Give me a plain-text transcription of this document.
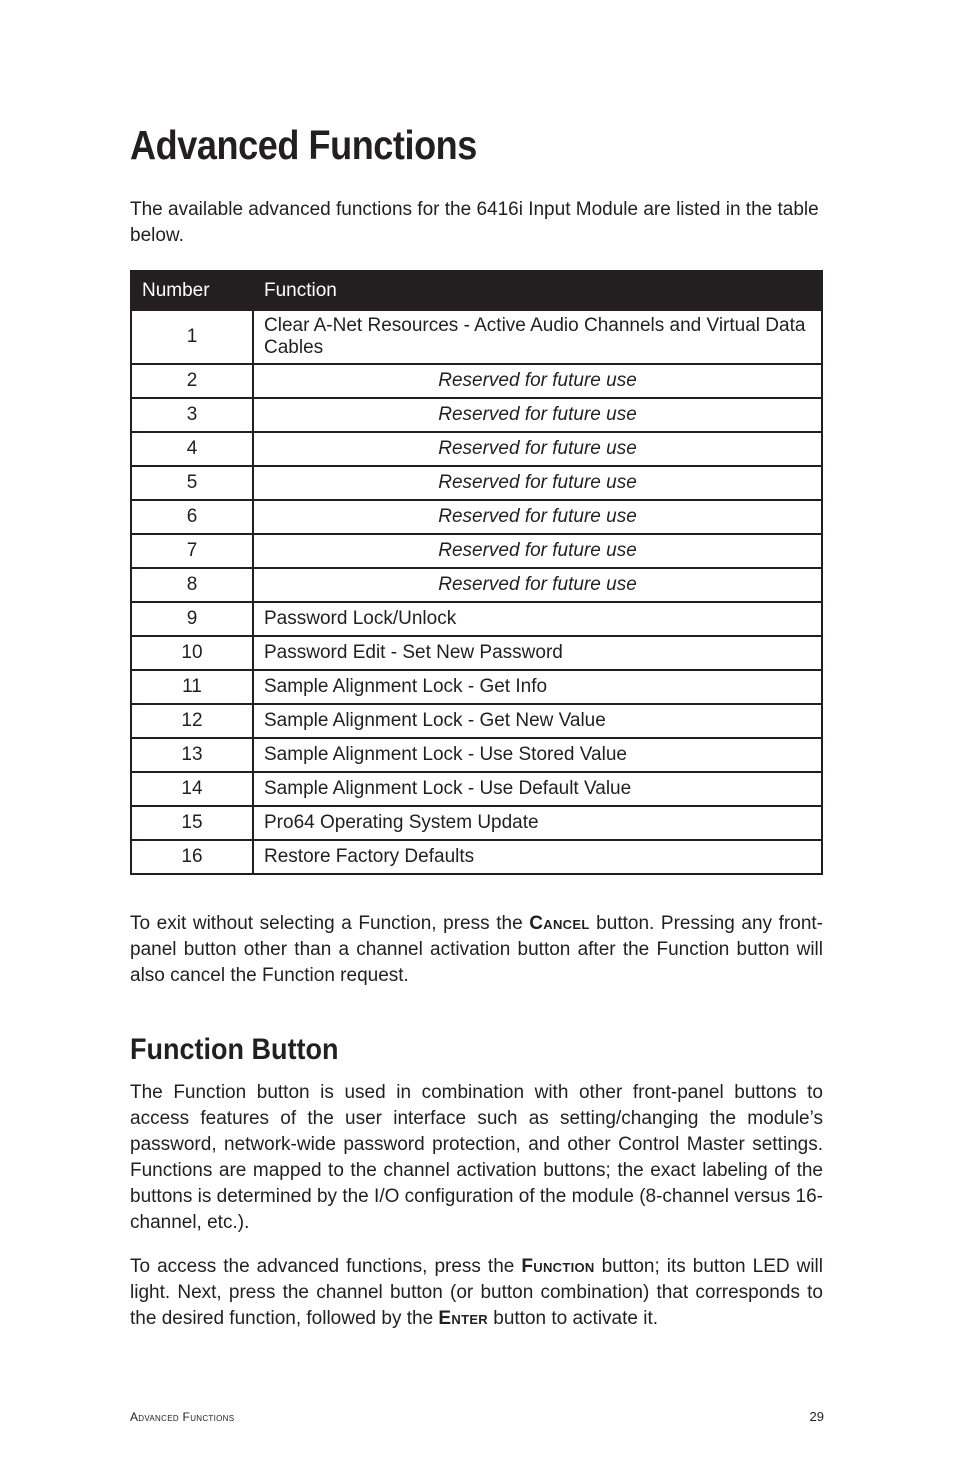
Advanced Functions

The available advanced functions for the 6416i Input Module are listed in the table below.

Number	Function
1	Clear A-Net Resources - Active Audio Channels and Virtual Data Cables
2	Reserved for future use
3	Reserved for future use
4	Reserved for future use
5	Reserved for future use
6	Reserved for future use
7	Reserved for future use
8	Reserved for future use
9	Password Lock/Unlock
10	Password Edit - Set New Password
11	Sample Alignment Lock - Get Info
12	Sample Alignment Lock - Get New Value
13	Sample Alignment Lock - Use Stored Value
14	Sample Alignment Lock - Use Default Value
15	Pro64 Operating System Update
16	Restore Factory Defaults

To exit without selecting a Function, press the Cancel button. Pressing any front-panel button other than a channel activation button after the Function button will also cancel the Function request.

Function Button

The Function button is used in combination with other front-panel buttons to access features of the user interface such as setting/changing the module’s password, network-wide password protection, and other Control Master settings. Functions are mapped to the channel activation buttons; the exact labeling of the buttons is determined by the I/O configuration of the module (8-channel versus 16-channel, etc.).

To access the advanced functions, press the Function button; its button LED will light. Next, press the channel button (or button combination) that corresponds to the desired function, followed by the Enter button to activate it.

Advanced Functions	29
